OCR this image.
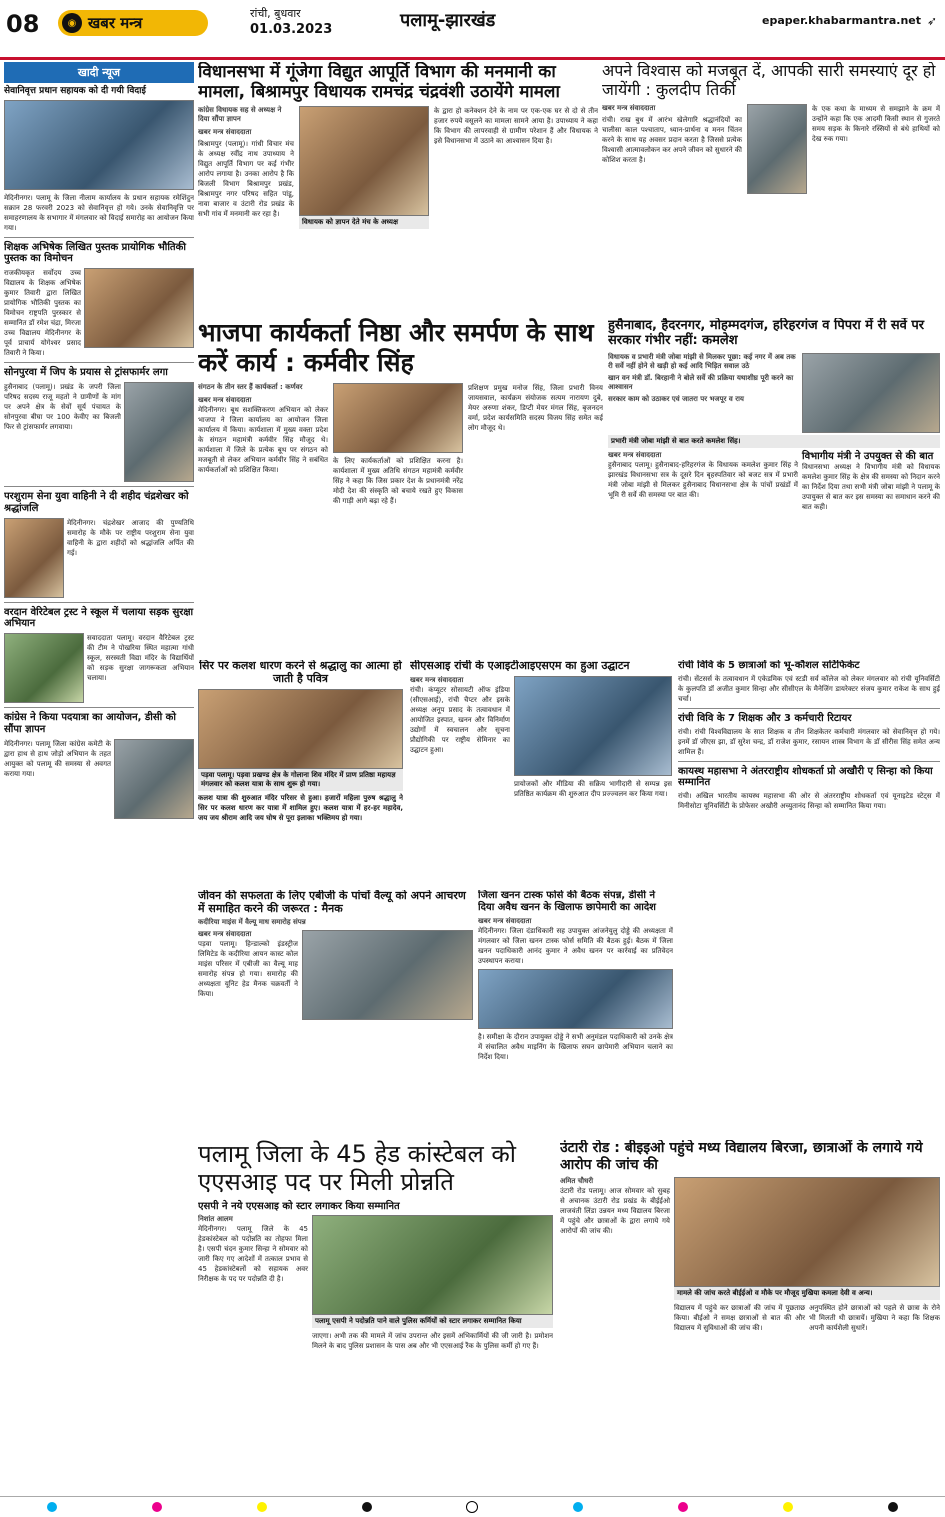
08	◉ खबर मन्त्र
रांची, बुधवार
01.03.2023	पलामू-झारखंड	epaper.khabarmantra.net ➶
खादी न्यूज
सेवानिवृत्त प्रधान सहायक को दी गयी विदाई

मेदिनीनगर। पलामू के जिला नीलाम कार्यालय के प्रधान सहायक रमेशिंदुन सक्रान 28 फरवरी 2023 को सेवानिवृत्त हो गये। उनके सेवानिवृत्ति पर समाहरणालय के सभागार में मंगलवार को विदाई समारोह का आयोजन किया गया।

शिक्षक अभिषेक लिखित पुस्तक प्रायोगिक भौतिकी पुस्तक का विमोचन

राजकीयकृत सर्वोदय उच्च विद्यालय के शिक्षक अभिषेक कुमार तिवारी द्वारा लिखित प्रायोगिक भौतिकी पुस्तक का विमोचन राष्ट्रपति पुरस्कार से सम्मानित डॉ रमेश चंद्रा, मिरजा उच्च विद्यालय मेदिनीनगर के पूर्व प्राचार्य योगेश्वर प्रसाद तिवारी ने किया।

सोनपुरवा में जिप के प्रयास से ट्रांसफार्मर लगा

हुसैनाबाद (पलामू)। प्रखंड के जपरी जिला परिषद सदस्य राजू महतो ने ग्रामीणों के मांग पर अपने क्षेत्र के सेवों सूर्य पंचायत के सोनपुरवा बीघा पर 100 केवीए का बिजली फिर से ट्रांसफार्मर लगवाया।

परशुराम सेना युवा वाहिनी ने दी शहीद चंद्रशेखर को श्रद्धांजलि

मेदिनीनगर। चंद्रशेखर आजाद की पुण्यतिथि समारोह के मौके पर राष्ट्रीय परशुराम सेना युवा वाहिनी के द्वारा शहीदों को श्रद्धांजलि अर्पित की गई।

वरदान वेरिटेबल ट्रस्ट ने स्कूल में चलाया सड़क सुरक्षा अभियान

सवाददाता पलामू। वरदान वैरिटेबल ट्रस्ट की टीम ने पोखरिया स्थित महात्मा गांधी स्कूल, सरस्वती विद्या मंदिर के विद्यार्थियों को सड़क सुरक्षा जागरूकता अभियान चलाया।

कांग्रेस ने किया पदयात्रा का आयोजन, डीसी को सौंपा ज्ञापन

मेदिनीनगर। पलामू जिला कांग्रेस कमेटी के द्वारा हाथ से हाथ जोड़ो अभियान के तहत आयुक्त को पलामू की समस्या से अवगत कराया गया।

विधानसभा में गूंजेगा विद्युत आपूर्ति विभाग की मनमानी का मामला, बिश्रामपुर विधायक रामचंद्र चंद्रवंशी उठायेंगे मामला
कांग्रेस विधायक सह से अध्यक्ष ने दिया सौंपा ज्ञापन
खबर मन्त्र संवाददाता

बिश्रामपुर (पलामू)। गांधी विचार मंच के अध्यक्ष रवींद्र नाथ उपाध्याय ने विद्युत आपूर्ति विभाग पर कई गंभीर आरोप लगाया है। उनका आरोप है कि बिजली विभाग बिश्रामपुर प्रखंड, बिश्रामपुर नगर परिषद सहित पांडू, नावा बाजार व उंटारी रोड प्रखंड के सभी गांव में मनमानी कर रहा है।

विधायक को ज्ञापन देते मंच के अध्यक्ष

के द्वारा हो कनेक्शन देने के नाम पर एक-एक घर से दो से तीन हजार रुपये वसूलने का मामला सामने आया है। उपाध्याय ने कहा कि विभाग की लापरवाही से ग्रामीण परेशान हैं और विधायक ने इसे विधानसभा में उठाने का आश्वासन दिया है।

अपने विश्वास को मजबूत दें, आपकी सारी समस्याएं दूर हो जायेंगी : कुलदीप तिर्की
खबर मन्त्र संवाददाता

रांची। राख बुध में आरंभ खेलेगारि श्रद्धानंदियों का चालीसा काल पश्चाताप, ध्यान-प्रार्थना व मनन चिंतन करने के साथ यह अवसर प्रदान करता है जिससे प्रत्येक विश्वासी आत्मावलोकन कर अपने जीवन को सुधारने की कोशिश करता है।

के एक कथा के माध्यम से समझाने के क्रम में उन्होंने कहा कि एक आदमी किसी स्थान से गुजरते समय सड़क के किनारे रस्सियों से बंधे हाथियों को देख रुक गया।

भाजपा कार्यकर्ता निष्ठा और समर्पण के साथ करें कार्य : कर्मवीर सिंह
संगठन के तीन स्तर हैं कार्यकर्ता : कर्णवर
खबर मन्त्र संवाददाता

मेदिनीनगर। बूथ सशक्तिकरण अभियान को लेकर भाजपा ने जिला कार्यालय का आयोजन जिला कार्यालय में किया। कार्यशाला में मुख्य वक्ता प्रदेश के संगठन महामंत्री कर्मवीर सिंह मौजूद थे। कार्यशाला में जिले के प्रत्येक बूथ पर संगठन को मजबूती से लेकर अभियान कर्मवीर सिंह ने सबंधित कार्यकर्ताओं को प्रशिक्षित किया।

के लिए कार्यकर्ताओं को प्रशिक्षित करना है। कार्यशाला में मुख्य अतिथि संगठन महामंत्री कर्मवीर सिंह ने कहा कि जिस प्रकार देश के प्रधानमंत्री नरेंद्र मोदी देश की संस्कृति को बचाये रखते हुए विकास की गाड़ी आगे बढ़ा रहे हैं।

प्रशिक्षण प्रमुख मनोज सिंह, जिला प्रभारी विनय जायसवाल, कार्यक्रम संयोजक सत्यम नारायण दुबे, मेयर अरुणा शंकर, डिप्टी मेयर मंगल सिंह, बृजनदन वर्मा, प्रदेश कार्यसमिति सदस्य विजय सिंह समेत कई लोग मौजूद थे।

हुसैनाबाद, हैदरनगर, मोहम्मदगंज, हरिहरगंज व पिपरा में री सर्वे पर सरकार गंभीर नहीं: कमलेश
विधायक व प्रभारी मंत्री जोबा मांझी से मिलकर पूछा: कई नगर में अब तक री सर्वे नहीं होने से खड़ी हो कई आदि भिड़ित सवाल उठे
खान वन मंत्री डॉ. बिरहानी ने बोले सर्वे की प्रक्रिया यथाशीघ्र पूरी करने का आश्वासन
सरकार काम को उठाकर एवं जातरा पर भजपूर व राय
प्रभारी मंत्री जोबा मांझी से बात करते कमलेश सिंह।
खबर मन्त्र संवाददाता

हुसैनाबाद पलामू। हुसैनाबाद-हरिहरगंज के विधायक कमलेश कुमार सिंह ने झारखंड विधानसभा सत्र के दूसरे दिन बृहस्पतिवार को बजट सत्र में प्रभारी मंत्री जोबा मांझी से मिलकर हुसैनाबाद विधानसभा क्षेत्र के पांचों प्रखंडों में भूमि री सर्वे की समस्या पर बात की।

विभागीय मंत्री ने उपयुक्त से की बात

विधानसभा अध्यक्ष ने विभागीय मंत्री को विधायक कमलेश कुमार सिंह के क्षेत्र की समस्या को निदान करने का निर्देश दिया तथा सभी मंत्री जोबा मांझी ने पलामू के उपायुक्त से बात कर इस समस्या का समाधान करने की बात कही।

सिर पर कलश धारण करने से श्रद्धालु का आत्मा हो जाती है पवित्र
पड़वा पलामू। पड़वा प्रखण्ड क्षेत्र के गोलाना शिव मंदिर में प्राण प्रतिष्ठा महायज्ञ मंगलवार को कलश यात्रा के साथ शुरू हो गया।

कलश यात्रा की शुरुआत मंदिर परिसर से हुआ। हजारों महिला पुरुष श्रद्धालु ने सिर पर कलश धारण कर यात्रा में शामिल हुए। कलश यात्रा में हर-हर महादेव, जय जय श्रीराम आदि जय घोष से पूरा इलाका भक्तिमय हो गया।

सीएसआइ रांची के एआइटीआइएसएम का हुआ उद्घाटन
खबर मन्त्र संवाददाता

रांची। कंप्यूटर सोसायटी ऑफ इंडिया (सीएसआई), रांची चैप्टर और इसके अध्यक्ष अनूप प्रसाद के तत्वावधान में आयोजित इस्पात, खनन और विनिर्माण उद्योगों में स्वचालन और सूचना प्रौद्योगिकी पर राष्ट्रीय सेमिनार का उद्घाटन हुआ।

प्रायोजकों और मीडिया की सक्रिय भागीदारी से सम्पन्न इस प्रतिष्ठित कार्यक्रम की शुरुआत दीप प्रज्ज्वलन कर किया गया।

रांची विवि के 5 छात्राओं को भू-कौशल सर्टिफिकेट

रांची। सेंटसर्स के तत्वावधान में एकेडमिक एवं स्टडी सर्व कॉलेज को लेकर मंगलवार को रांची यूनिवर्सिटी के कुलपति डॉ अजीत कुमार सिन्हा और सीसीएल के मैनेजिंग डायरेक्टर संजय कुमार राकेश के साथ हुई चर्चा।

रांची विवि के 7 शिक्षक और 3 कर्मचारी रिटायर

रांची। रांची विश्वविद्यालय के सात शिक्षक व तीन शिक्षकेतर कर्मचारी मंगलवार को सेवानिवृत्त हो गये। इनमें डॉ जीएस झा, डॉ सुरेश चन्द्र, डॉ राजेश कुमार, रसायन शास्त्र विभाग के डॉ सीरीस सिंह समेत अन्य शामिल हैं।

कायस्थ महासभा ने अंतरराष्ट्रीय शोधकर्ता प्रो अखौरी ए सिन्हा को किया सम्मानित

रांची। अखिल भारतीय कायस्थ महासभा की ओर से अंतरराष्ट्रीय शोधकर्ता एवं यूनाइटेड स्टेट्स में मिनीसोटा यूनिवर्सिटी के प्रोफेसर अखौरी अच्युतानंद सिन्हा को सम्मानित किया गया।

जीवन की सफलता के लिए एबीजी के पांचों वैल्यू को अपने आचरण में समाहित करने की जरूरत : मैनक
कदीरिया माइंस में वैल्यू माध समारोह संपन्न
खबर मन्त्र संवाददाता

पड़वा पलामू। हिन्डाल्को इंडस्ट्रीज लिमिटेड के कदीरिया आयन कास्ट कोल माइंस परिसर में एबीजी का वैल्यू माह समारोह संपन्न हो गया। समारोह की अध्यक्षता यूनिट हेड मैनक चक्रवर्ती ने किया।

जिला खनन टास्क फोर्स की बैठक संपन्न, डीसी ने दिया अवैध खनन के खिलाफ छापेमारी का आदेश
खबर मन्त्र संवाददाता

मेदिनीनगर। जिला दंडाधिकारी सह उपायुक्त आंजनेयुलु दोड्डे की अध्यक्षता में मंगलवार को जिला खनन टास्क फोर्स समिति की बैठक हुई। बैठक में जिला खनन पदाधिकारी आनंद कुमार ने अवैध खनन पर कार्रवाई का प्रतिवेदन उपस्थापन कराया।

है। समीक्षा के दौरान उपायुक्त दोड्डे ने सभी अनुमंडल पदाधिकारी को उनके क्षेत्र में संचालित अवैध माइनिंग के खिलाफ सघन छापेमारी अभियान चलाने का निर्देश दिया।

पलामू जिला के 45 हेड कांस्टेबल को एएसआइ पद पर मिली प्रोन्नति
एसपी ने नये एएसआइ को स्टार लगाकर किया सम्मानित
निशांत आलम

मेदिनीनगर। पलामू जिले के 45 हेडकांस्टेबल को पदोन्नति का तोहफा मिला है। एसपी चंदन कुमार सिन्हा ने सोमवार को जारी किए गए आदेशों में तत्काल प्रभाव से 45 हेडकांस्टेबलों को सहायक अवर निरीक्षक के पद पर पदोन्नति दी है।

पलामू एसपी ने पदोन्नति पाने वाले पुलिस कर्मियों को स्टार लगाकर सम्मानित किया

जाएगा। अभी तक की मामले में जांच उपरान्त और इसमें अभिकार्मियों की जी जारी है। प्रमोशन मिलने के बाद पुलिस प्रशासन के पास अब और भी एएसआई रैंक के पुलिस कर्मी हो गए हैं।

उंटारी रोड : बीइइओ पहुंचे मध्य विद्यालय बिरजा, छात्राओं के लगाये गये आरोप की जांच की
अमित चौधरी

उंटारी रोड पलामू। आज सोमवार को सुबह से अचानक उंटारी रोड प्रखंड के बीईईओ लाजवंती लिंडा उन्नयन मध्य विद्यालय बिरजा में पहुंचे और छात्राओं के द्वारा लगाये गये आरोपों की जांच की।

मामले की जांच करते बीईईओ व मौके पर मौजूद मुखिया कमला देवी व अन्य।

विद्यालय में पहुंचे कर छात्राओं की जांच में पूछताछ किया। बीईओ ने समक्ष छात्राओं से बात की और विद्यालय में सुविधाओं की जांच की।

अनुपस्थित होने छात्राओं को पहले से छात्रा के रोने भी मिलती थी छात्रायें। मुखिया ने कहा कि शिक्षक अपनी कार्यशैली सुधारें।
